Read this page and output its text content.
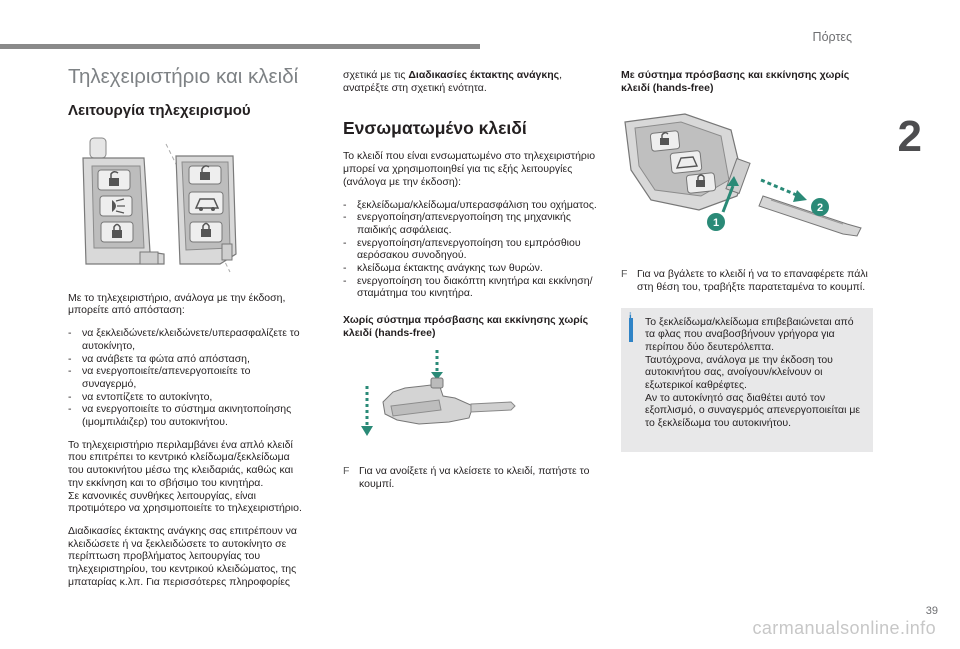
Πόρτες
2
39
carmanualsonline.info
Τηλεχειριστήριο και κλειδί
Λειτουργία τηλεχειρισμού

Με το τηλεχειριστήριο, ανάλογα με την έκδοση, μπορείτε από απόσταση:

- να ξεκλειδώνετε/κλειδώνετε/υπερασφαλίζετε το αυτοκίνητο,
- να ανάβετε τα φώτα από απόσταση,
- να ενεργοποιείτε/απενεργοποιείτε το συναγερμό,
- να εντοπίζετε το αυτοκίνητο,
- να ενεργοποιείτε το σύστημα ακινητοποίησης (ιμομπιλάιζερ) του αυτοκινήτου.

Το τηλεχειριστήριο περιλαμβάνει ένα απλό κλειδί που επιτρέπει το κεντρικό κλείδωμα/ξεκλείδωμα του αυτοκινήτου μέσω της κλειδαριάς, καθώς και την εκκίνηση και το σβήσιμο του κινητήρα.
Σε κανονικές συνθήκες λειτουργίας, είναι προτιμότερο να χρησιμοποιείτε το τηλεχειριστήριο.

Διαδικασίες έκτακτης ανάγκης σας επιτρέπουν να κλειδώσετε ή να ξεκλειδώσετε το αυτοκίνητο σε περίπτωση προβλήματος λειτουργίας του τηλεχειριστηρίου, του κεντρικού κλειδώματος, της μπαταρίας κ.λπ. Για περισσότερες πληροφορίες

σχετικά με τις Διαδικασίες έκτακτης ανάγκης, ανατρέξτε στη σχετική ενότητα.

Ενσωματωμένο κλειδί

Το κλειδί που είναι ενσωματωμένο στο τηλεχειριστήριο μπορεί να χρησιμοποιηθεί για τις εξής λειτουργίες (ανάλογα με την έκδοση):

- ξεκλείδωμα/κλείδωμα/υπερασφάλιση του οχήματος.
- ενεργοποίηση/απενεργοποίηση της μηχανικής παιδικής ασφάλειας.
- ενεργοποίηση/απενεργοποίηση του εμπρόσθιου αερόσακου συνοδηγού.
- κλείδωμα έκτακτης ανάγκης των θυρών.
- ενεργοποίηση του διακόπτη κινητήρα και εκκίνηση/σταμάτημα του κινητήρα.
Χωρίς σύστημα πρόσβασης και εκκίνησης χωρίς κλειδί (hands-free)
F Για να ανοίξετε ή να κλείσετε το κλειδί, πατήστε το κουμπί.
Με σύστημα πρόσβασης και εκκίνησης χωρίς κλειδί (hands-free)
1
2
F Για να βγάλετε το κλειδί ή να το επαναφέρετε πάλι στη θέση του, τραβήξτε παρατεταμένα το κουμπί.

Το ξεκλείδωμα/κλείδωμα επιβεβαιώνεται από τα φλας που αναβοσβήνουν γρήγορα για περίπου δύο δευτερόλεπτα.

Ταυτόχρονα, ανάλογα με την έκδοση του αυτοκινήτου σας, ανοίγουν/κλείνουν οι εξωτερικοί καθρέφτες.

Αν το αυτοκίνητό σας διαθέτει αυτό τον εξοπλισμό, ο συναγερμός απενεργοποιείται με το ξεκλείδωμα του αυτοκινήτου.
